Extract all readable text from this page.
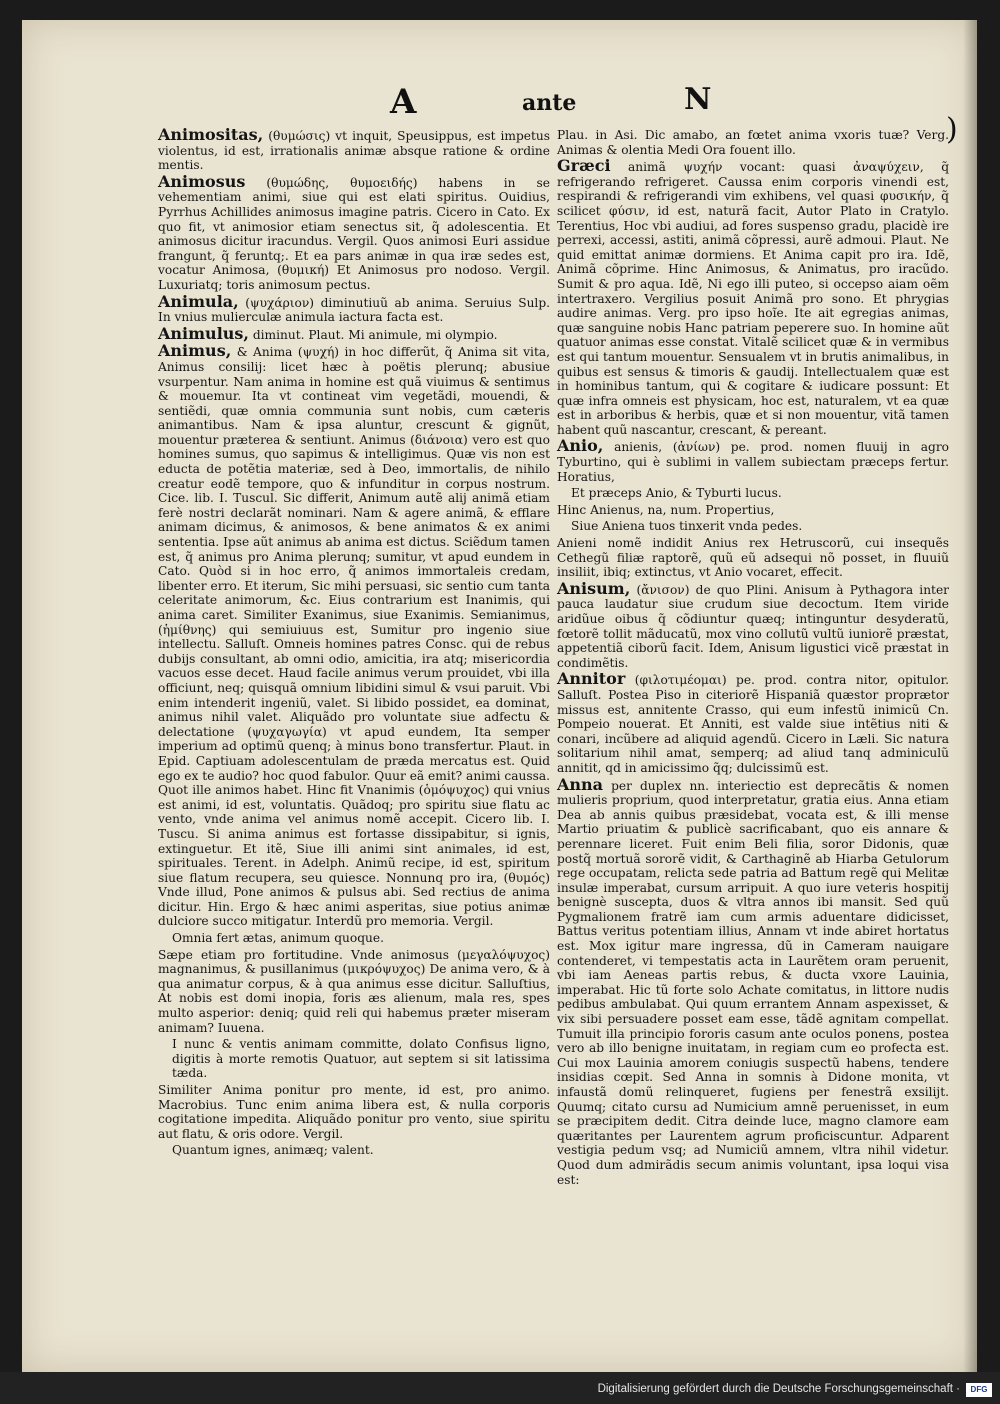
A	ante	N

Animositas, (θυμώσις) vt inquit, Speusippus, est impetus violentus, id est, irrationalis animæ absque ratione & ordine mentis.

Animosus (θυμώδης, θυμοειδής) habens in se vehementiam animi, siue qui est elati spiritus. Ouidius, Pyrrhus Achillides animosus imagine patris. Cicero in Cato. Ex quo fit, vt animosior etiam senectus sit, q̃ adolescentia. Et animosus dicitur iracundus. Vergil. Quos animosi Euri assidue frangunt, q̃ feruntq;. Et ea pars animæ in qua iræ sedes est, vocatur Animosa, (θυμική) Et Animosus pro nodoso. Vergil. Luxuriatq; toris animosum pectus.

Animula, (ψυχάριον) diminutiuũ ab anima. Seruius Sulp. In vnius mulierculæ animula iactura facta est.

Animulus, diminut. Plaut. Mi animule, mi olympio.

Animus, & Anima (ψυχή) in hoc differũt, q̃ Anima sit vita, Animus consilij: licet hæc à poëtis plerunq; abusiue vsurpentur. Nam anima in homine est quã viuimus & sentimus & mouemur. Ita vt contineat vim vegetãdi, mouendi, & sentiẽdi, quæ omnia communia sunt nobis, cum cæteris animantibus. Nam & ipsa aluntur, crescunt & gignũt, mouentur præterea & sentiunt. Animus (διάνοια) vero est quo homines sumus, quo sapimus & intelligimus. Quæ vis non est educta de potẽtia materiæ, sed à Deo, immortalis, de nihilo creatur eodẽ tempore, quo & infunditur in corpus nostrum. Cice. lib. I. Tuscul. Sic differit, Animum autẽ alij animã etiam ferè nostri declarãt nominari. Nam & agere animã, & efflare animam dicimus, & animosos, & bene animatos & ex animi sententia. Ipse aũt animus ab anima est dictus. Sciẽdum tamen est, q̃ animus pro Anima plerunq; sumitur, vt apud eundem in Cato. Quòd si in hoc erro, q̃ animos immortaleis credam, libenter erro. Et iterum, Sic mihi persuasi, sic sentio cum tanta celeritate animorum, &c. Eius contrarium est Inanimis, qui anima caret. Similiter Exanimus, siue Exanimis. Semianimus, (ἡμίθνης) qui semiuiuus est, Sumitur pro ingenio siue intellectu. Salluſt. Omneis homines patres Consc. qui de rebus dubijs consultant, ab omni odio, amicitia, ira atq; misericordia vacuos esse decet. Haud facile animus verum prouidet, vbi illa officiunt, neq; quisquã omnium libidini simul & vsui paruit. Vbi enim intenderit ingeniũ, valet. Si libido possidet, ea dominat, animus nihil valet. Aliquãdo pro voluntate siue adfectu & delectatione (ψυχαγωγία) vt apud eundem, Ita semper imperium ad optimũ quenq; à minus bono transfertur. Plaut. in Epid. Captiuam adolescentulam de præda mercatus est. Quid ego ex te audio? hoc quod fabulor. Quur eã emit? animi caussa. Quot ille animos habet. Hinc fit Vnanimis (ὁμόψυχος) qui vnius est animi, id est, voluntatis. Quãdoq; pro spiritu siue flatu ac vento, vnde anima vel animus nomẽ accepit. Cicero lib. I. Tuscu. Si anima animus est fortasse dissipabitur, si ignis, extinguetur. Et itẽ, Siue illi animi sint animales, id est, spirituales. Terent. in Adelph. Animũ recipe, id est, spiritum siue flatum recupera, seu quiesce. Nonnunq pro ira, (θυμός) Vnde illud, Pone animos & pulsus abi. Sed rectius de anima dicitur. Hin. Ergo & hæc animi asperitas, siue potius animæ dulciore succo mitigatur. Interdũ pro memoria. Vergil.

Omnia fert ætas, animum quoque.

Sæpe etiam pro fortitudine. Vnde animosus (μεγαλόψυχος) magnanimus, & pusillanimus (μικρόψυχος) De anima vero, & à qua animatur corpus, & à qua animus esse dicitur. Salluſtius, At nobis est domi inopia, foris æs alienum, mala res, spes multo asperior: deniq; quid reli qui habemus præter miseram animam? Iuuena.

I nunc & ventis animam committe, dolato Confisus ligno, digitis à morte remotis Quatuor, aut septem si sit latissima tæda.

Similiter Anima ponitur pro mente, id est, pro animo. Macrobius. Tunc enim anima libera est, & nulla corporis cogitatione impedita. Aliquãdo ponitur pro vento, siue spiritu aut flatu, & oris odore. Vergil.

Quantum ignes, animæq; valent.

Plau. in Asi. Dic amabo, an fœtet anima vxoris tuæ? Verg. Animas & olentia Medi Ora fouent illo.

Græci animã ψυχήν vocant: quasi ἀναψύχειν, q̃ refrigerando refrigeret. Caussa enim corporis vinendi est, respirandi & refrigerandi vim exhibens, vel quasi φυσικήν, q̃ scilicet φύσιν, id est, naturã facit, Autor Plato in Cratylo. Terentius, Hoc vbi audiui, ad fores suspenso gradu, placidè ire perrexi, accessi, astiti, animã cõpressi, aurẽ admoui. Plaut. Ne quid emittat animæ dormiens. Et Anima capit pro ira. Idẽ, Animã cõprime. Hinc Animosus, & Animatus, pro iracũdo. Sumit & pro aqua. Idẽ, Ni ego illi puteo, si occepso aiam oẽm intertraxero. Vergilius posuit Animã pro sono. Et phrygias audire animas. Verg. pro ipso hoĩe. Ite ait egregias animas, quæ sanguine nobis Hanc patriam peperere suo. In homine aũt quatuor animas esse constat. Vitalẽ scilicet quæ & in vermibus est qui tantum mouentur. Sensualem vt in brutis animalibus, in quibus est sensus & timoris & gaudij. Intellectualem quæ est in hominibus tantum, qui & cogitare & iudicare possunt: Et quæ infra omneis est physicam, hoc est, naturalem, vt ea quæ est in arboribus & herbis, quæ et si non mouentur, vitã tamen habent quũ nascantur, crescant, & pereant.

Anio, anienis, (ἀνίων) pe. prod. nomen fluuij in agro Tyburtino, qui è sublimi in vallem subiectam præceps fertur. Horatius,

Et præceps Anio, & Tyburti lucus.

Hinc Anienus, na, num. Propertius,

Siue Aniena tuos tinxerit vnda pedes.

Anieni nomẽ indidit Anius rex Hetruscorũ, cui insequẽs Cethegũ filiæ raptorẽ, quũ eũ adsequi nõ posset, in fluuiũ insiliit, ibiq; extinctus, vt Anio vocaret, effecit.

Anisum, (ἄνισον) de quo Plini. Anisum à Pythagora inter pauca laudatur siue crudum siue decoctum. Item viride aridũue oibus q̃ cõdiuntur quæq; intinguntur desyderatũ, fœtorẽ tollit mãducatũ, mox vino collutũ vultũ iuniorẽ præstat, appetentiã ciborũ facit. Idem, Anisum ligustici vicẽ præstat in condimẽtis.

Annitor (φιλοτιμέομαι) pe. prod. contra nitor, opitulor. Salluſt. Postea Piso in citeriorẽ Hispaniã quæstor proprætor missus est, annitente Crasso, qui eum infestũ inimicũ Cn. Pompeio nouerat. Et Anniti, est valde siue intẽtius niti & conari, incũbere ad aliquid agendũ. Cicero in Læli. Sic natura solitarium nihil amat, semperq; ad aliud tanq adminiculũ annitit, qd in amicissimo q̃q; dulcissimũ est.

Anna per duplex nn. interiectio est deprecãtis & nomen mulieris proprium, quod interpretatur, gratia eius. Anna etiam Dea ab annis quibus præsidebat, vocata est, & illi mense Martio priuatim & publicè sacrificabant, quo eis annare & perennare liceret. Fuit enim Beli filia, soror Didonis, quæ postq̃ mortuã sororẽ vidit, & Carthaginẽ ab Hiarba Getulorum rege occupatam, relicta sede patria ad Battum regẽ qui Melitæ insulæ imperabat, cursum arripuit. A quo iure veteris hospitij benignè suscepta, duos & vltra annos ibi mansit. Sed quũ Pygmalionem fratrẽ iam cum armis aduentare didicisset, Battus veritus potentiam illius, Annam vt inde abiret hortatus est. Mox igitur mare ingressa, dũ in Cameram nauigare contenderet, vi tempestatis acta in Laurẽtem oram peruenit, vbi iam Aeneas partis rebus, & ducta vxore Lauinia, imperabat. Hic tũ forte solo Achate comitatus, in littore nudis pedibus ambulabat. Qui quum errantem Annam aspexisset, & vix sibi persuadere posset eam esse, tãdẽ agnitam compellat. Tumuit illa principio fororis casum ante oculos ponens, postea vero ab illo benigne inuitatam, in regiam cum eo profecta est. Cui mox Lauinia amorem coniugis suspectũ habens, tendere insidias cœpit. Sed Anna in somnis à Didone monita, vt infaustã domũ relinqueret, fugiens per fenestrã exsilijt. Quumq; citato cursu ad Numicium amnẽ peruenisset, in eum se præcipitem dedit. Citra deinde luce, magno clamore eam quæritantes per Laurentem agrum proficiscuntur. Adparent vestigia pedum vsq; ad Numiciũ amnem, vltra nihil videtur. Quod dum admirãdis secum animis voluntant, ipsa loqui visa est:

)
Digitalisierung gefördert durch die Deutsche Forschungsgemeinschaft ·	DFG
